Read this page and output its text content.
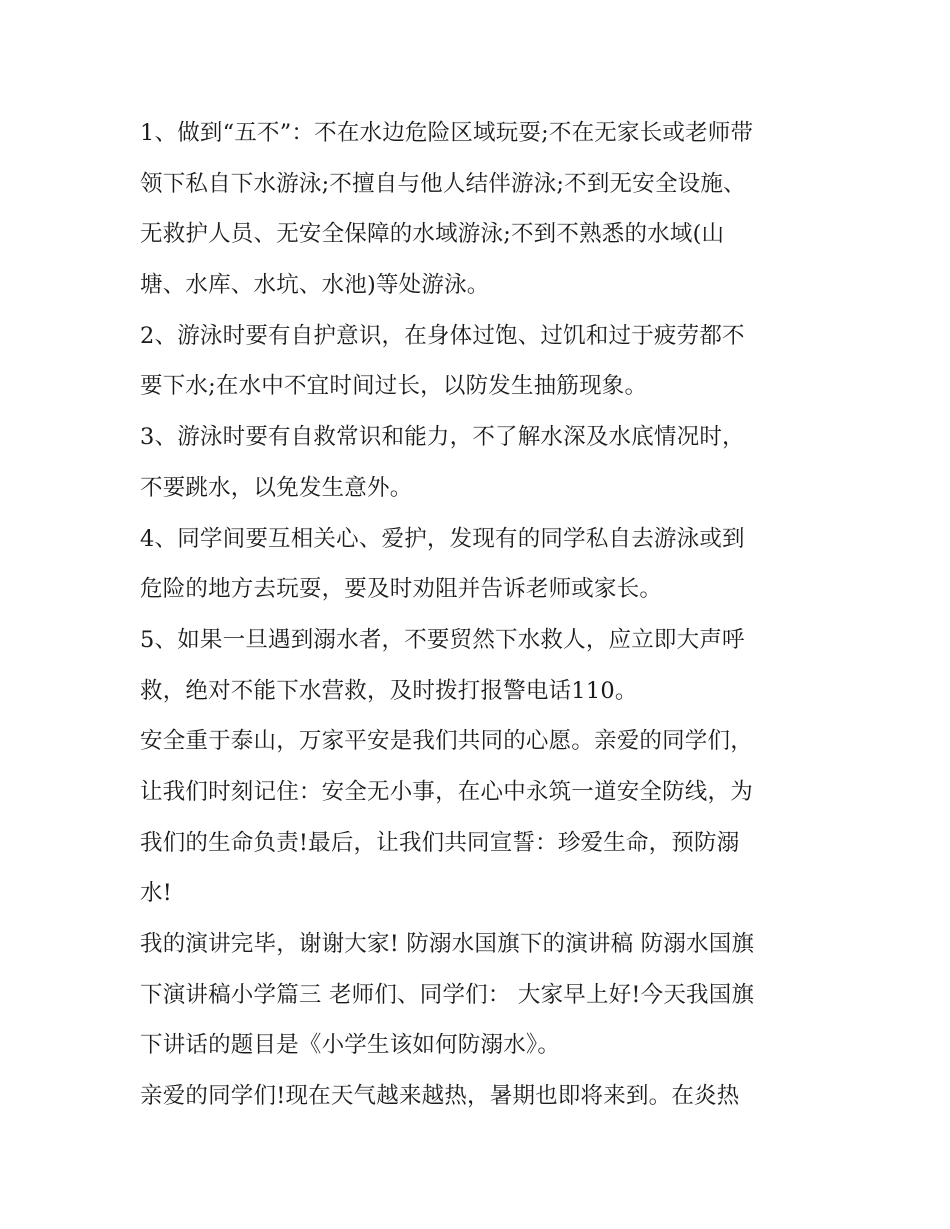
1、做到“五不”：不在水边危险区域玩耍;不在无家长或老师带
领下私自下水游泳;不擅自与他人结伴游泳;不到无安全设施、
无救护人员、无安全保障的水域游泳;不到不熟悉的水域(山
塘、水库、水坑、水池)等处游泳。
2、游泳时要有自护意识，在身体过饱、过饥和过于疲劳都不
要下水;在水中不宜时间过长，以防发生抽筋现象。
3、游泳时要有自救常识和能力，不了解水深及水底情况时，
不要跳水，以免发生意外。
4、同学间要互相关心、爱护，发现有的同学私自去游泳或到
危险的地方去玩耍，要及时劝阻并告诉老师或家长。
5、如果一旦遇到溺水者，不要贸然下水救人，应立即大声呼
救，绝对不能下水营救，及时拨打报警电话110。
安全重于泰山，万家平安是我们共同的心愿。亲爱的同学们，
让我们时刻记住：安全无小事，在心中永筑一道安全防线，为
我们的生命负责!最后，让我们共同宣誓：珍爱生命，预防溺
水!
我的演讲完毕，谢谢大家! 防溺水国旗下的演讲稿 防溺水国旗
下演讲稿小学篇三 老师们、同学们： 大家早上好!今天我国旗
下讲话的题目是《小学生该如何防溺水》。
亲爱的同学们!现在天气越来越热，暑期也即将来到。在炎热
